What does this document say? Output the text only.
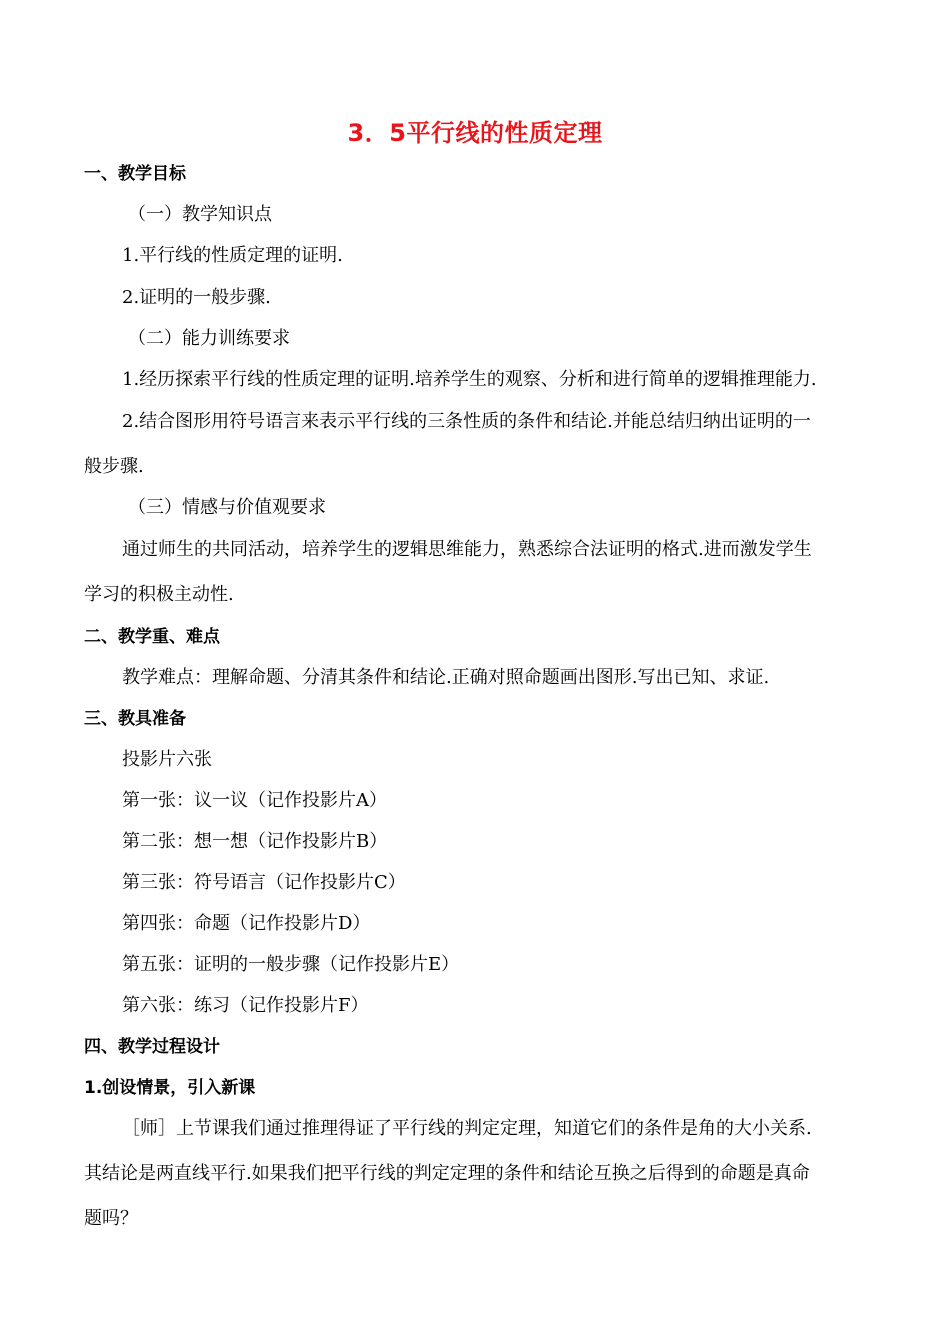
3．5平行线的性质定理
一、教学目标
（一）教学知识点
1.平行线的性质定理的证明.
2.证明的一般步骤.
（二）能力训练要求
1.经历探索平行线的性质定理的证明.培养学生的观察、分析和进行简单的逻辑推理能力.
2.结合图形用符号语言来表示平行线的三条性质的条件和结论.并能总结归纳出证明的一
般步骤.
（三）情感与价值观要求
通过师生的共同活动，培养学生的逻辑思维能力，熟悉综合法证明的格式.进而激发学生
学习的积极主动性.
二、教学重、难点
教学难点：理解命题、分清其条件和结论.正确对照命题画出图形.写出已知、求证.
三、教具准备
投影片六张
第一张：议一议（记作投影片A）
第二张：想一想（记作投影片B）
第三张：符号语言（记作投影片C）
第四张：命题（记作投影片D）
第五张：证明的一般步骤（记作投影片E）
第六张：练习（记作投影片F）
四、教学过程设计
1.创设情景，引入新课
［师］上节课我们通过推理得证了平行线的判定定理，知道它们的条件是角的大小关系.
其结论是两直线平行.如果我们把平行线的判定定理的条件和结论互换之后得到的命题是真命
题吗？
